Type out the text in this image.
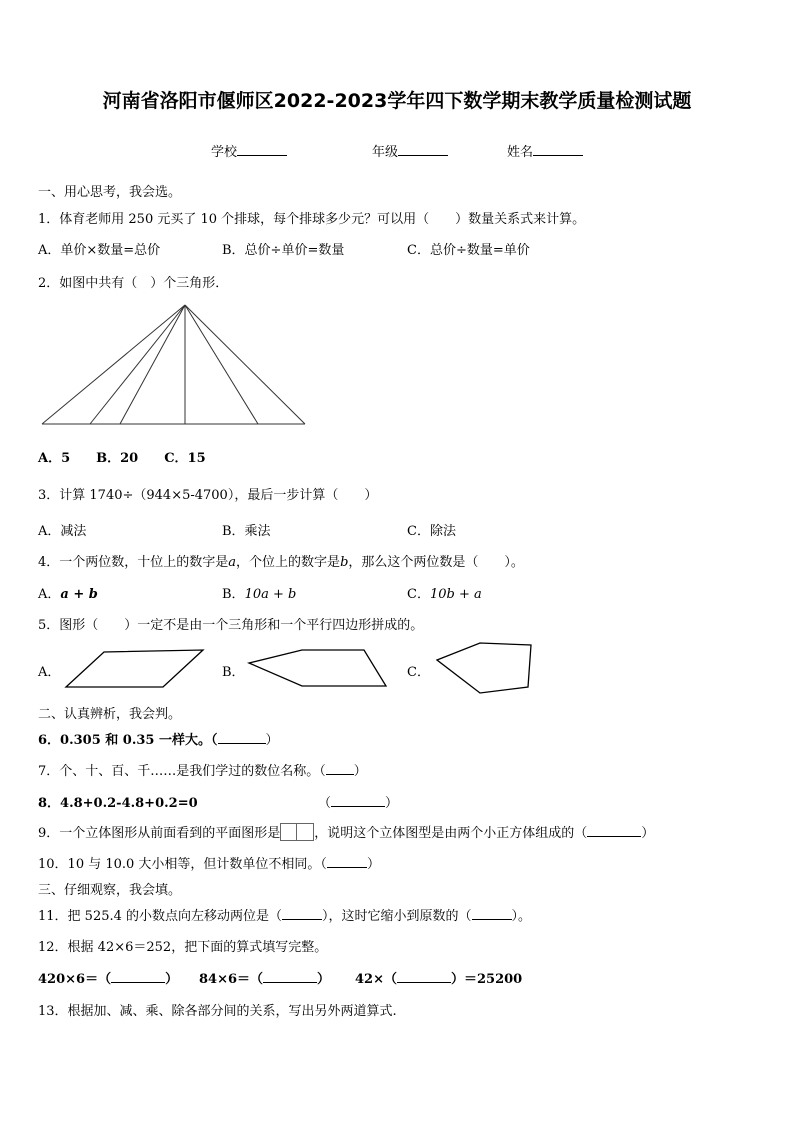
河南省洛阳市偃师区2022-2023学年四下数学期末教学质量检测试题
学校	年级	姓名
一、用心思考，我会选。
1．体育老师用 250 元买了 10 个排球，每个排球多少元？可以用（　　）数量关系式来计算。
A．单价×数量=总价	B．总价÷单价=数量	C．总价÷数量=单价
2．如图中共有（　）个三角形．
A．5　　B．20　　C．15
3．计算 1740÷（944×5-4700），最后一步计算（　　）
A．减法	B．乘法	C．除法
4．一个两位数，十位上的数字是a，个位上的数字是b，那么这个两位数是（　　）。
A．a + b	B．10a + b	C．10b + a
5．图形（　　）一定不是由一个三角形和一个平行四边形拼成的。
A．	B．	C．
二、认真辨析，我会判。
6．0.305 和 0.35 一样大。（	）
7．个、十、百、千……是我们学过的数位名称。（ ）
8．4.8+0.2-4.8+0.2=0	（	）
9．一个立体图形从前面看到的平面图形是	，说明这个立体图型是由两个小正方体组成的（	）
10．10 与 10.0 大小相等，但计数单位不相同。（	）
三、仔细观察，我会填。
11．把 525.4 的小数点向左移动两位是（	），这时它缩小到原数的（	）。
12．根据 42×6＝252，把下面的算式填写完整。
420×6＝（	） 84×6＝（	） 42×（	）＝25200
13．根据加、减、乘、除各部分间的关系，写出另外两道算式.
